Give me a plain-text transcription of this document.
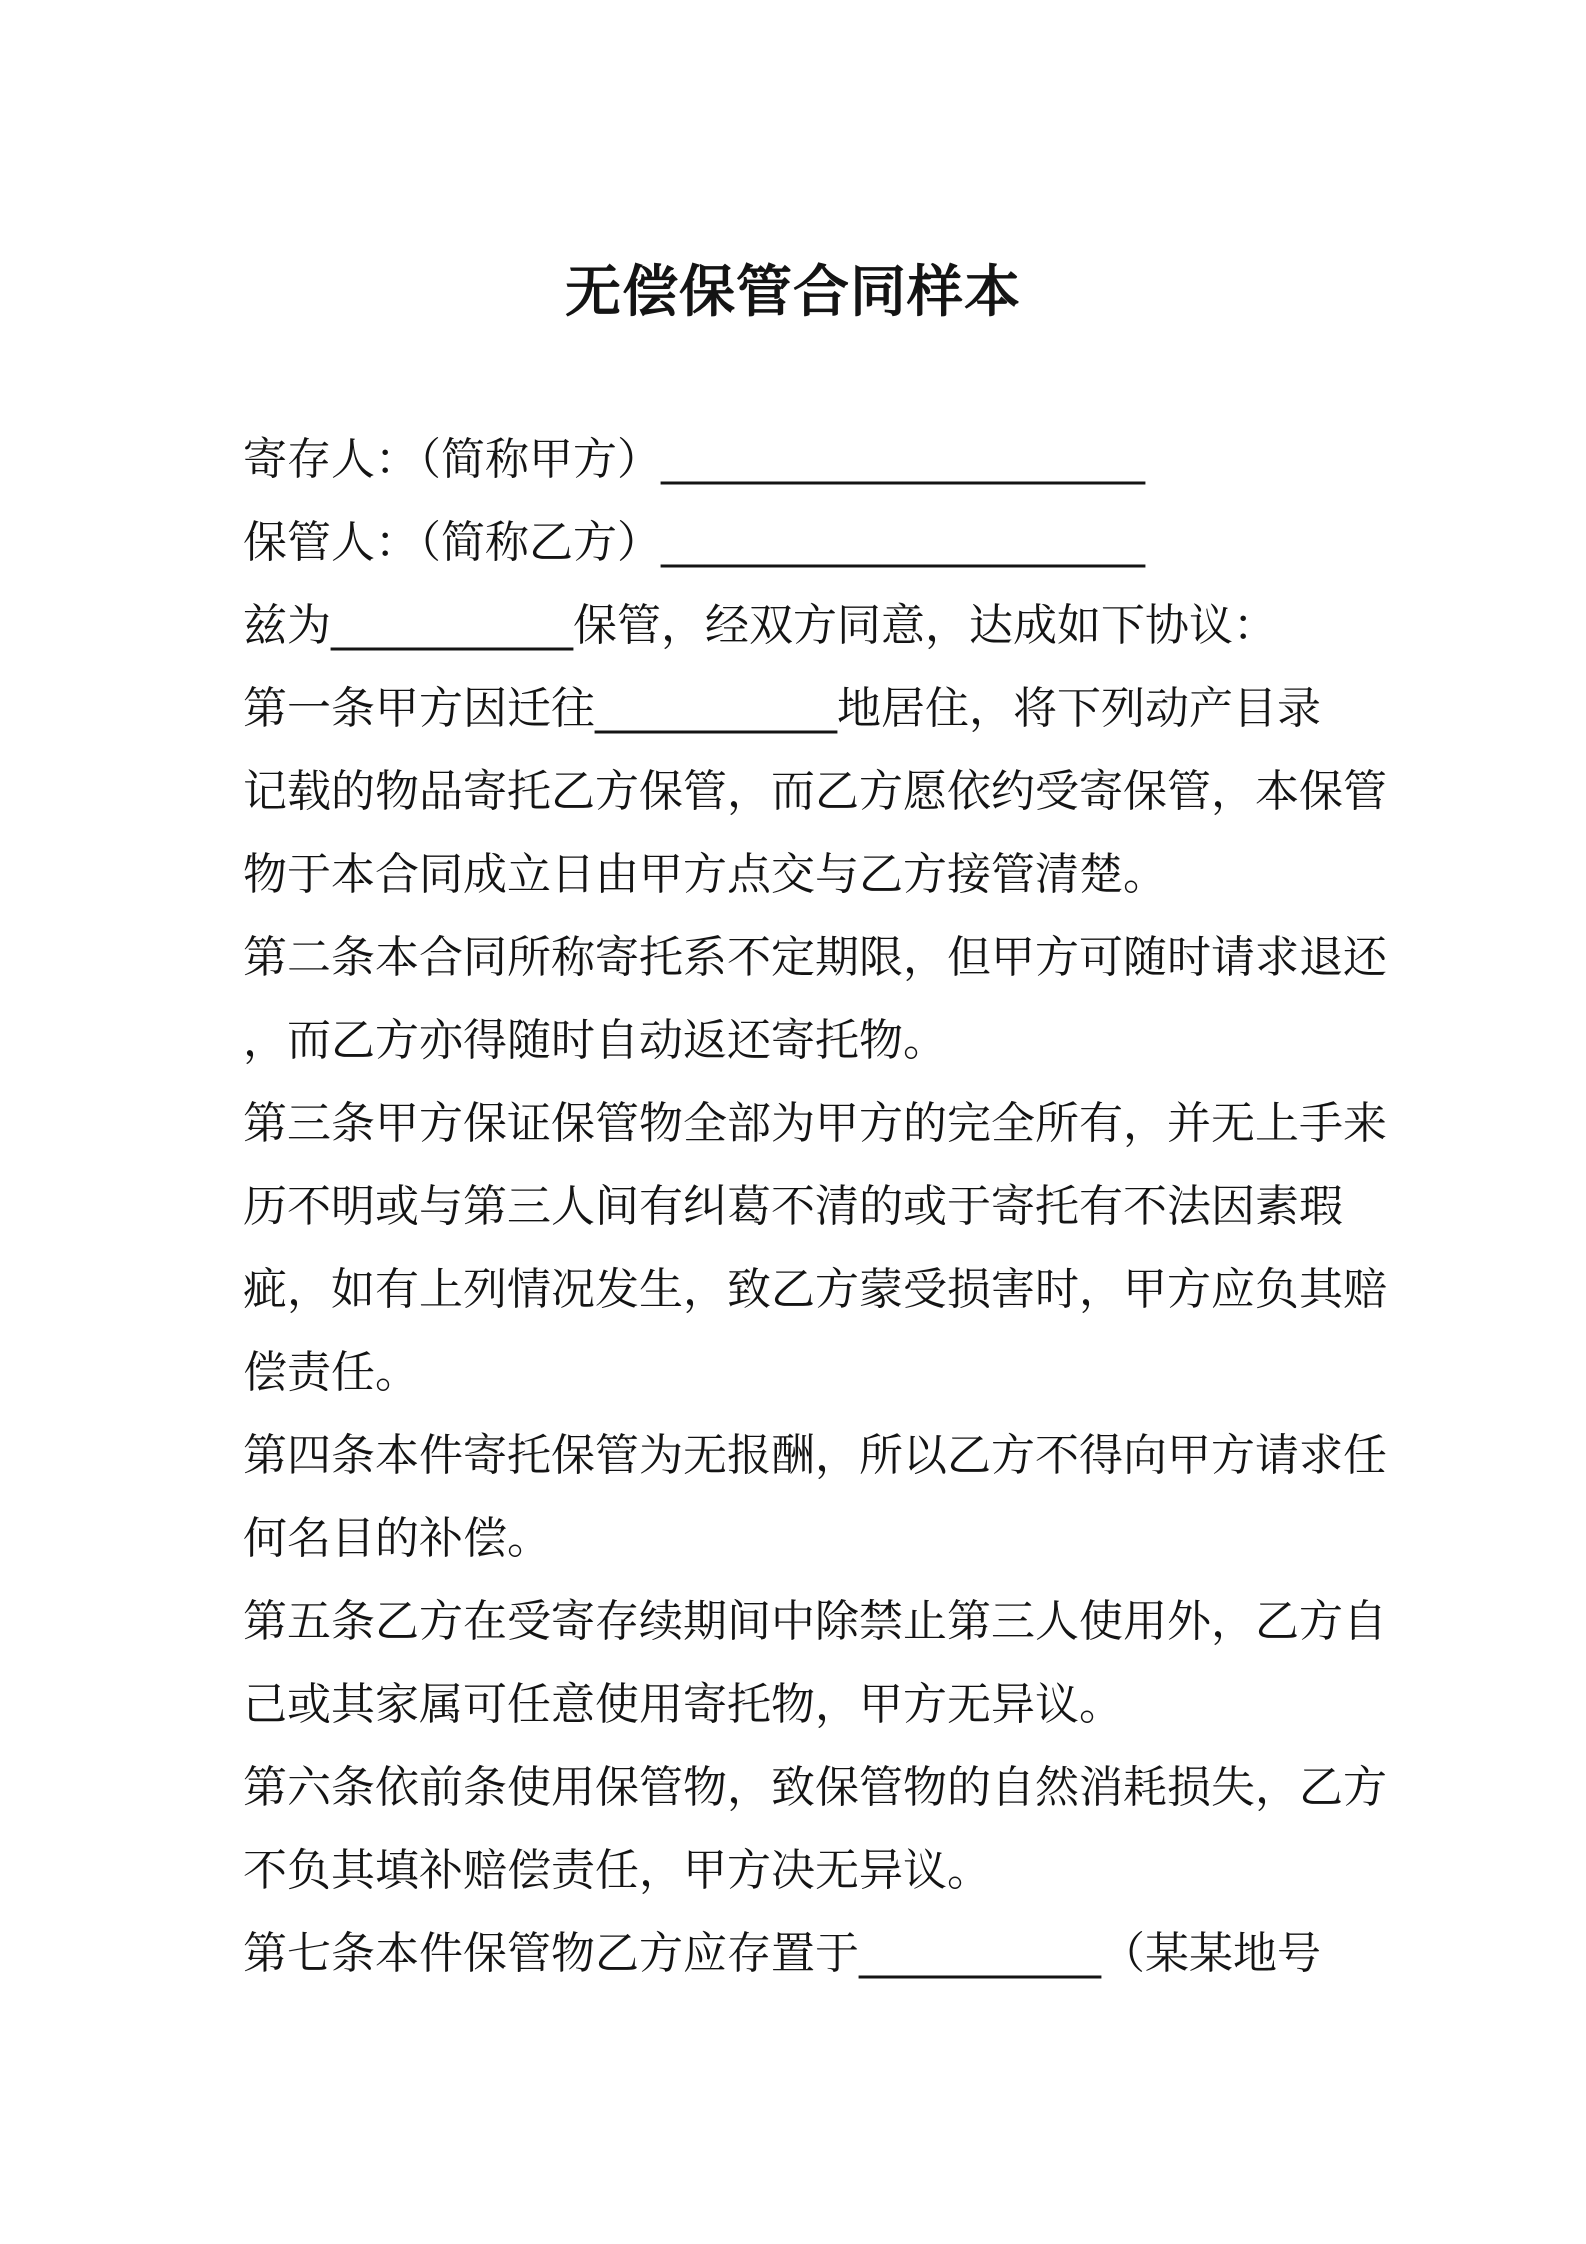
无偿保管合同样本
寄存人：（简称甲方）______________________
保管人：（简称乙方）______________________
兹为___________保管，经双方同意，达成如下协议：
第一条甲方因迁往___________地居住，将下列动产目录
记载的物品寄托乙方保管，而乙方愿依约受寄保管，本保管
物于本合同成立日由甲方点交与乙方接管清楚。
第二条本合同所称寄托系不定期限，但甲方可随时请求退还
，而乙方亦得随时自动返还寄托物。
第三条甲方保证保管物全部为甲方的完全所有，并无上手来
历不明或与第三人间有纠葛不清的或于寄托有不法因素瑕
疵，如有上列情况发生，致乙方蒙受损害时，甲方应负其赔
偿责任。
第四条本件寄托保管为无报酬，所以乙方不得向甲方请求任
何名目的补偿。
第五条乙方在受寄存续期间中除禁止第三人使用外，乙方自
己或其家属可任意使用寄托物，甲方无异议。
第六条依前条使用保管物，致保管物的自然消耗损失，乙方
不负其填补赔偿责任，甲方决无异议。
第七条本件保管物乙方应存置于___________（某某地号
